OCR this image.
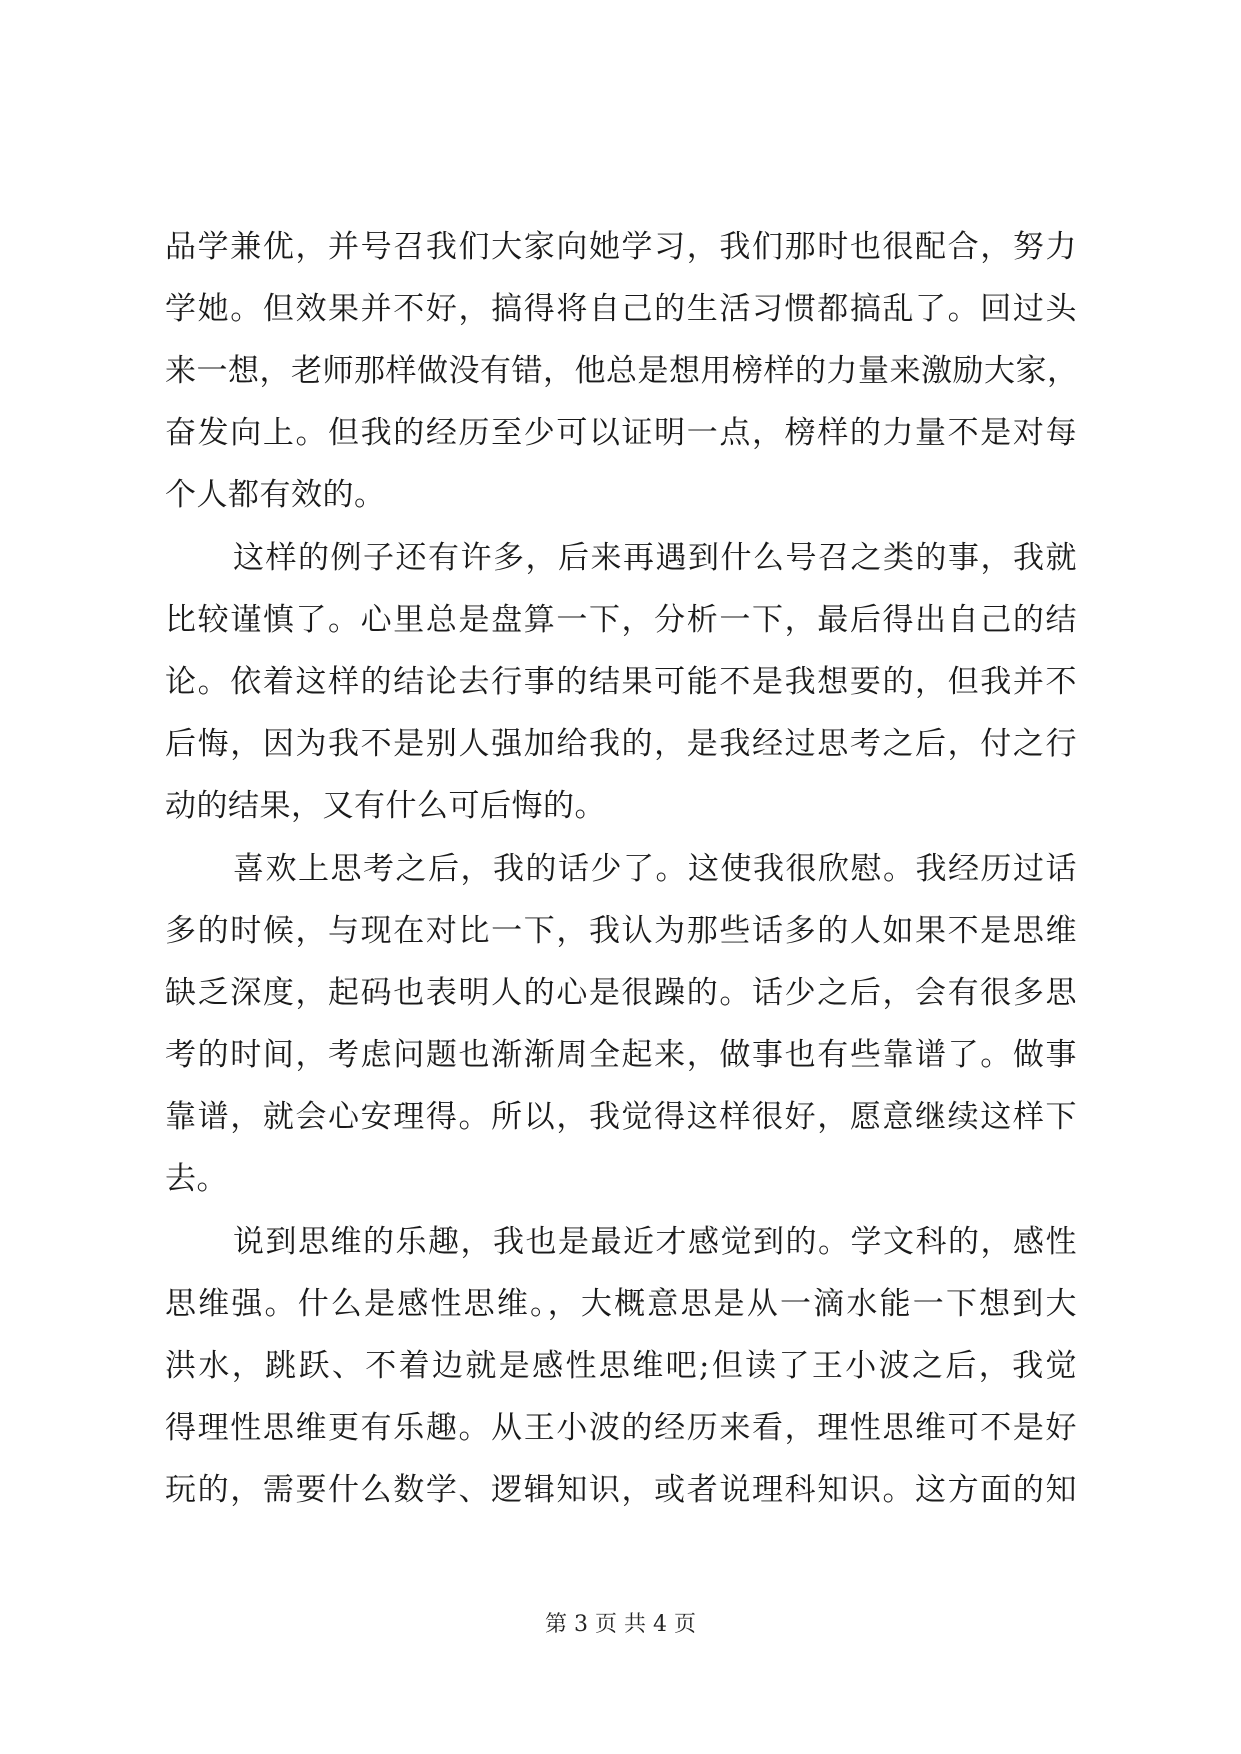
品学兼优，并号召我们大家向她学习，我们那时也很配合，努力
学她。但效果并不好，搞得将自己的生活习惯都搞乱了。回过头
来一想，老师那样做没有错，他总是想用榜样的力量来激励大家，
奋发向上。但我的经历至少可以证明一点，榜样的力量不是对每
个人都有效的。
这样的例子还有许多，后来再遇到什么号召之类的事，我就
比较谨慎了。心里总是盘算一下，分析一下，最后得出自己的结
论。依着这样的结论去行事的结果可能不是我想要的，但我并不
后悔，因为我不是别人强加给我的，是我经过思考之后，付之行
动的结果，又有什么可后悔的。
喜欢上思考之后，我的话少了。这使我很欣慰。我经历过话
多的时候，与现在对比一下，我认为那些话多的人如果不是思维
缺乏深度，起码也表明人的心是很躁的。话少之后，会有很多思
考的时间，考虑问题也渐渐周全起来，做事也有些靠谱了。做事
靠谱，就会心安理得。所以，我觉得这样很好，愿意继续这样下
去。
说到思维的乐趣，我也是最近才感觉到的。学文科的，感性
思维强。什么是感性思维。，大概意思是从一滴水能一下想到大
洪水，跳跃、不着边就是感性思维吧;但读了王小波之后，我觉
得理性思维更有乐趣。从王小波的经历来看，理性思维可不是好
玩的，需要什么数学、逻辑知识，或者说理科知识。这方面的知
第 3 页 共 4 页
